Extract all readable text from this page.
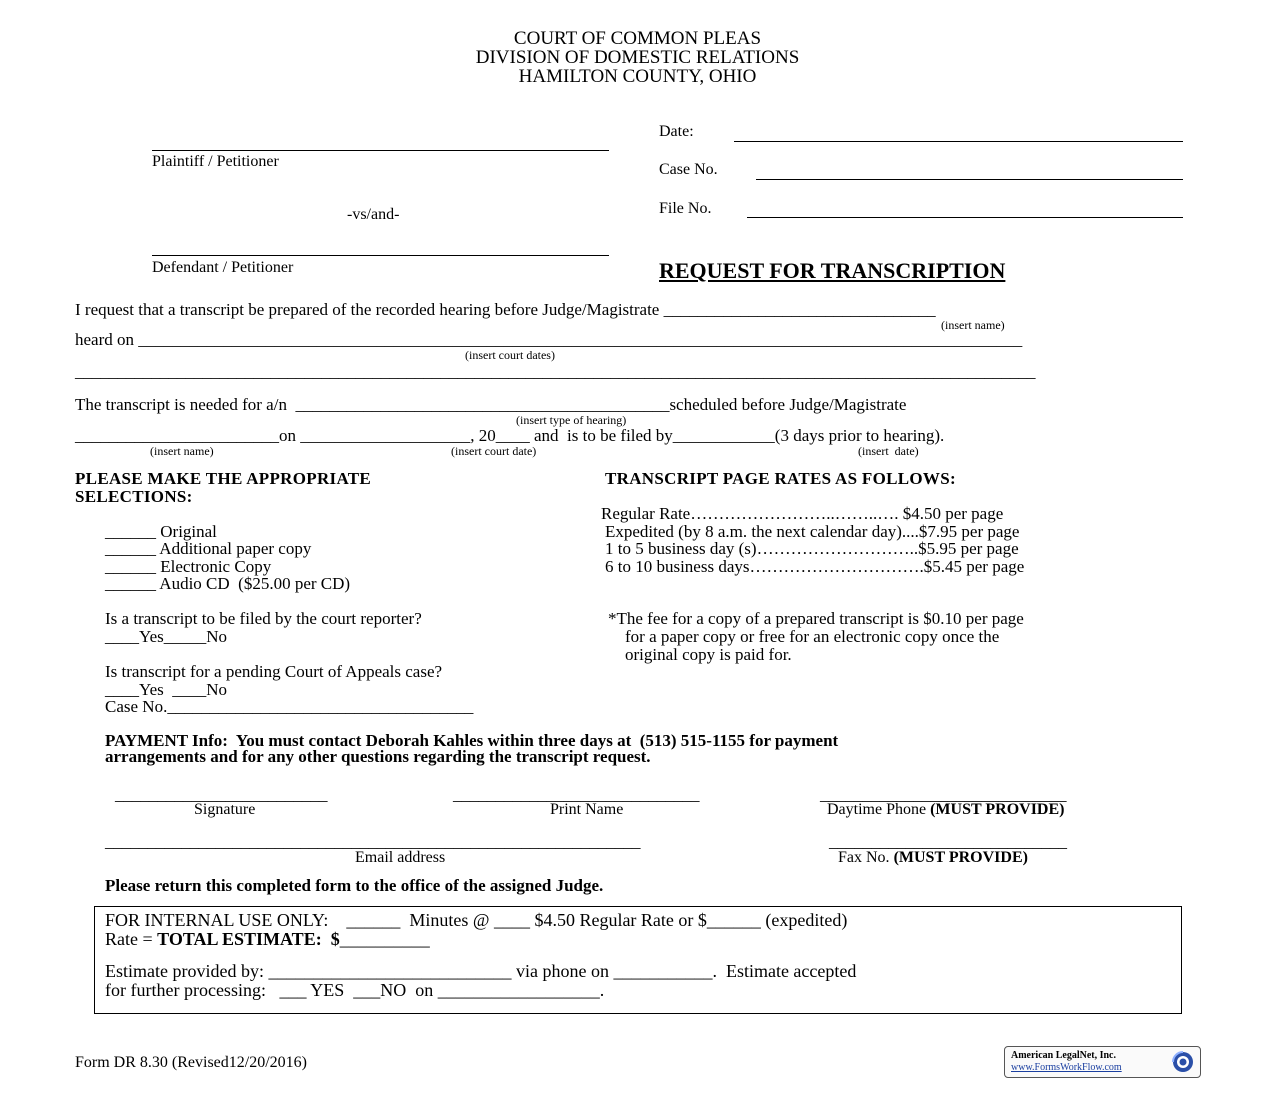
COURT OF COMMON PLEAS
DIVISION OF DOMESTIC RELATIONS
HAMILTON COUNTY, OHIO
Plaintiff / Petitioner
-vs/and-
Defendant / Petitioner
Date:
Case No.
File No.
REQUEST FOR TRANSCRIPTION
I request that a transcript be prepared of the recorded hearing before Judge/Magistrate ________________________________
(insert name)
heard on ________________________________________________________________________________________________________
(insert court dates)
_________________________________________________________________________________________________________________
The transcript is needed for a/n  ____________________________________________scheduled before Judge/Magistrate
(insert type of hearing)
________________________on ____________________, 20____ and  is to be filed by____________(3 days prior to hearing).
(insert name)	(insert court date)	(insert  date)
PLEASE MAKE THE APPROPRIATE
SELECTIONS:
______ Original
______ Additional paper copy
______ Electronic Copy
______ Audio CD  ($25.00 per CD)
Is a transcript to be filed by the court reporter?
____Yes_____No
Is transcript for a pending Court of Appeals case?
____Yes  ____No
Case No.____________________________________
TRANSCRIPT PAGE RATES AS FOLLOWS:
Regular Rate……………………..……..…. $4.50 per page
Expedited (by 8 a.m. the next calendar day)....$7.95 per page
1 to 5 business day (s)………………………..$5.95 per page
6 to 10 business days………………………….$5.45 per page
*The fee for a copy of a prepared transcript is $0.10 per page
for a paper copy or free for an electronic copy once the
original copy is paid for.
PAYMENT Info:  You must contact Deborah Kahles within three days at  (513) 515-1155 for payment
arrangements and for any other questions regarding the transcript request.
_________________________
Signature
_____________________________
Print Name
_____________________________
Daytime Phone (MUST PROVIDE)
_______________________________________________________________
Email address
____________________________
Fax No. (MUST PROVIDE)
Please return this completed form to the office of the assigned Judge.
FOR INTERNAL USE ONLY:    ______  Minutes @ ____ $4.50 Regular Rate or $______ (expedited)
Rate = TOTAL ESTIMATE:  $__________
Estimate provided by: ___________________________ via phone on ___________.  Estimate accepted
for further processing:   ___ YES  ___NO  on __________________.
Form DR 8.30 (Revised12/20/2016)	American LegalNet, Inc.
www.FormsWorkFlow.com
